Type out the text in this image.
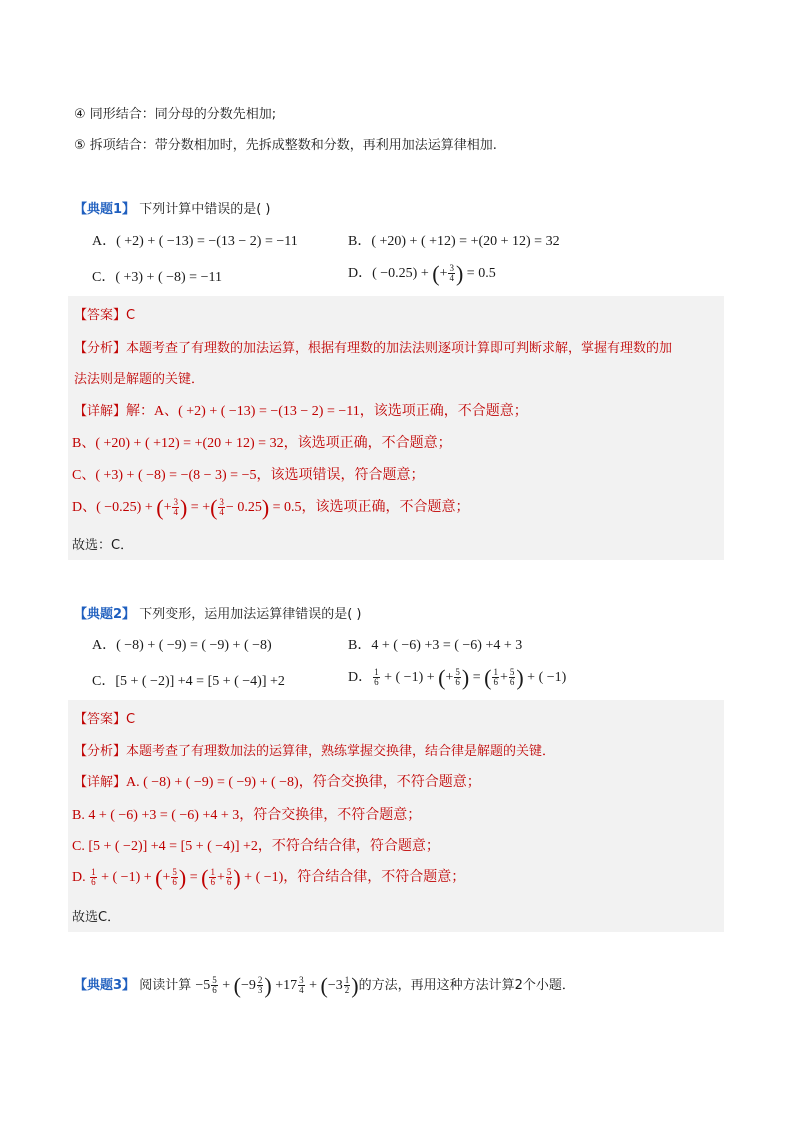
④ 同形结合：同分母的分数先相加;
⑤ 拆项结合：带分数相加时，先拆成整数和分数，再利用加法运算律相加.
【典题1】 下列计算中错误的是( )
A．( +2) + ( −13) = −(13 − 2) = −11	B．( +20) + ( +12) = +(20 + 12) = 32
C．( +3) + ( −8) = −11	D．( −0.25) + (+ $\frac{3}{4}$ ) = 0.5
【答案】C
【分析】本题考查了有理数的加法运算，根据有理数的加法法则逐项计算即可判断求解，掌握有理数的加
法法则是解题的关键．
【详解】解：A、( +2) + ( −13) = −(13 − 2) = −11，该选项正确，不合题意；
B、( +20) + ( +12) = +(20 + 12) = 32，该选项正确，不合题意；
C、( +3) + ( −8) = −(8 − 3) = −5，该选项错误，符合题意；
D、( −0.25) + (+ $\frac{3}{4}$ ) = +( $\frac{3}{4} - 0.25) = 0.5$，该选项正确，不合题意；
故选：C．
【典题2】 下列变形，运用加法运算律错误的是( )
A．( −8) + ( −9) = ( −9) + ( −8)	B．4 + ( −6) +3 = ( −6) +4 + 3
C．[5 + ( −2)] +4 = [5 + ( −4)] +2	D． $\frac{1}{6}$ + ( −1) + (+ $\frac{5}{6}$ ) = ( $\frac{1}{6} + \frac{5}{6}$ ) + ( −1)
【答案】C
【分析】本题考查了有理数加法的运算律，熟练掌握交换律，结合律是解题的关键．
【详解】A. ( −8) + ( −9) = ( −9) + ( −8)，符合交换律，不符合题意；
B. 4 + ( −6) +3 = ( −6) +4 + 3，符合交换律，不符合题意；
C. [5 + ( −2)] +4 = [5 + ( −4)] +2，不符合结合律，符合题意；
D. $\frac{1}{6}$ + ( −1) + (+ $\frac{5}{6}$ ) = ( $\frac{1}{6} + \frac{5}{6}$ ) + ( −1)，符合结合律，不符合题意；
故选C．
【典题3】 阅读计算 $-5 \frac{5}{6} + (-9 \frac{2}{3}$ ) $+17 \frac{3}{4} + (-3 \frac{1}{2}$ )的方法，再用这种方法计算2个小题．
